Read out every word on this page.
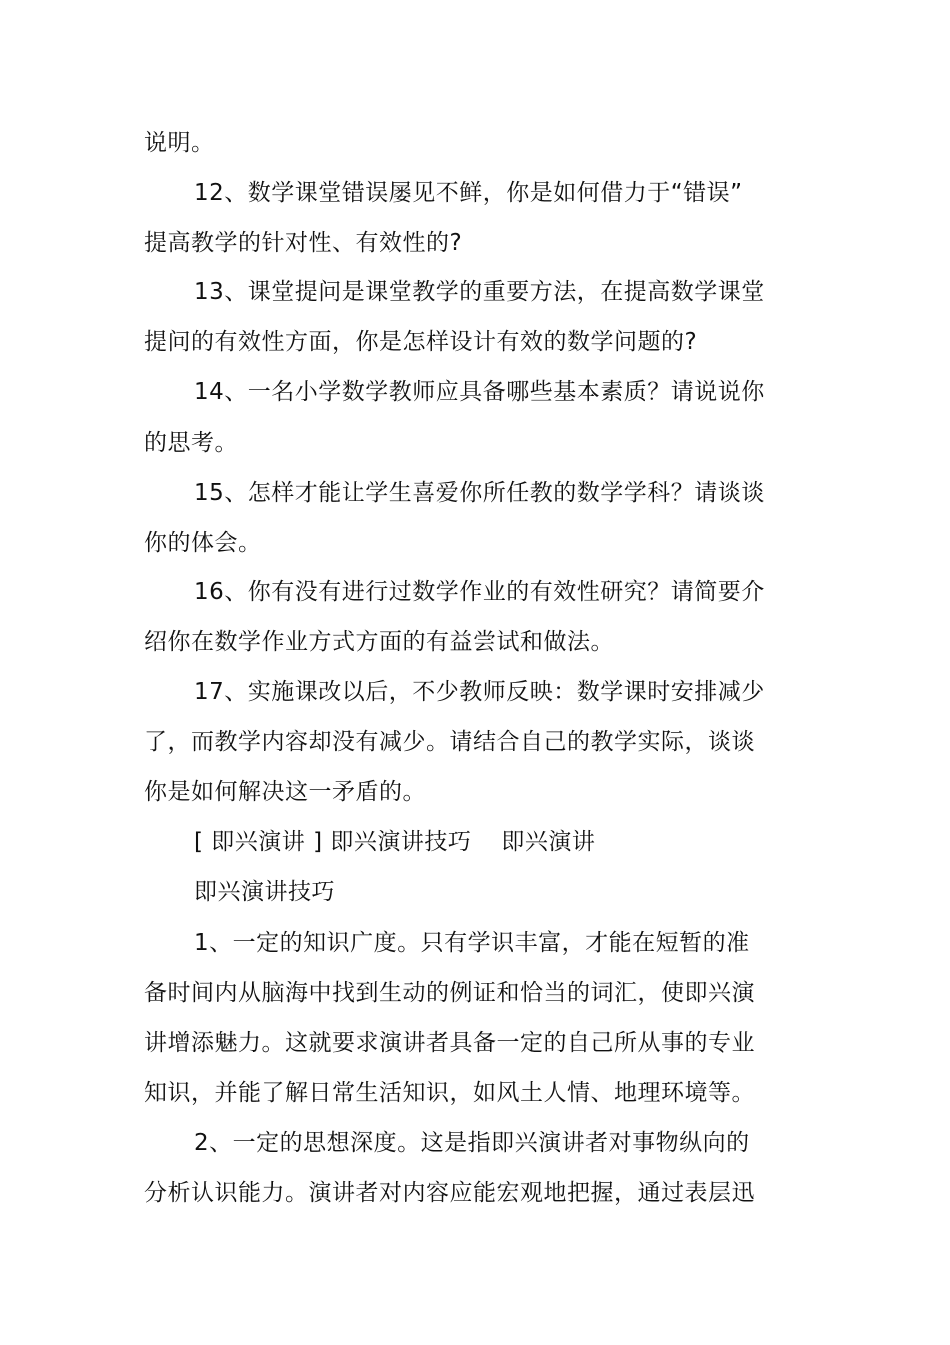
说明。
12、数学课堂错误屡见不鲜，你是如何借力于“错误”
提高教学的针对性、有效性的?
13、课堂提问是课堂教学的重要方法，在提高数学课堂
提问的有效性方面，你是怎样设计有效的数学问题的?
14、一名小学数学教师应具备哪些基本素质？请说说你
的思考。
15、怎样才能让学生喜爱你所任教的数学学科？请谈谈
你的体会。
16、你有没有进行过数学作业的有效性研究？请简要介
绍你在数学作业方式方面的有益尝试和做法。
17、实施课改以后，不少教师反映：数学课时安排减少
了，而教学内容却没有减少。请结合自己的教学实际，谈谈
你是如何解决这一矛盾的。
[ 即兴演讲 ] 即兴演讲技巧 即兴演讲
即兴演讲技巧
1、一定的知识广度。只有学识丰富，才能在短暂的准
备时间内从脑海中找到生动的例证和恰当的词汇，使即兴演
讲增添魅力。这就要求演讲者具备一定的自己所从事的专业
知识，并能了解日常生活知识，如风土人情、地理环境等。
2、一定的思想深度。这是指即兴演讲者对事物纵向的
分析认识能力。演讲者对内容应能宏观地把握，通过表层迅
